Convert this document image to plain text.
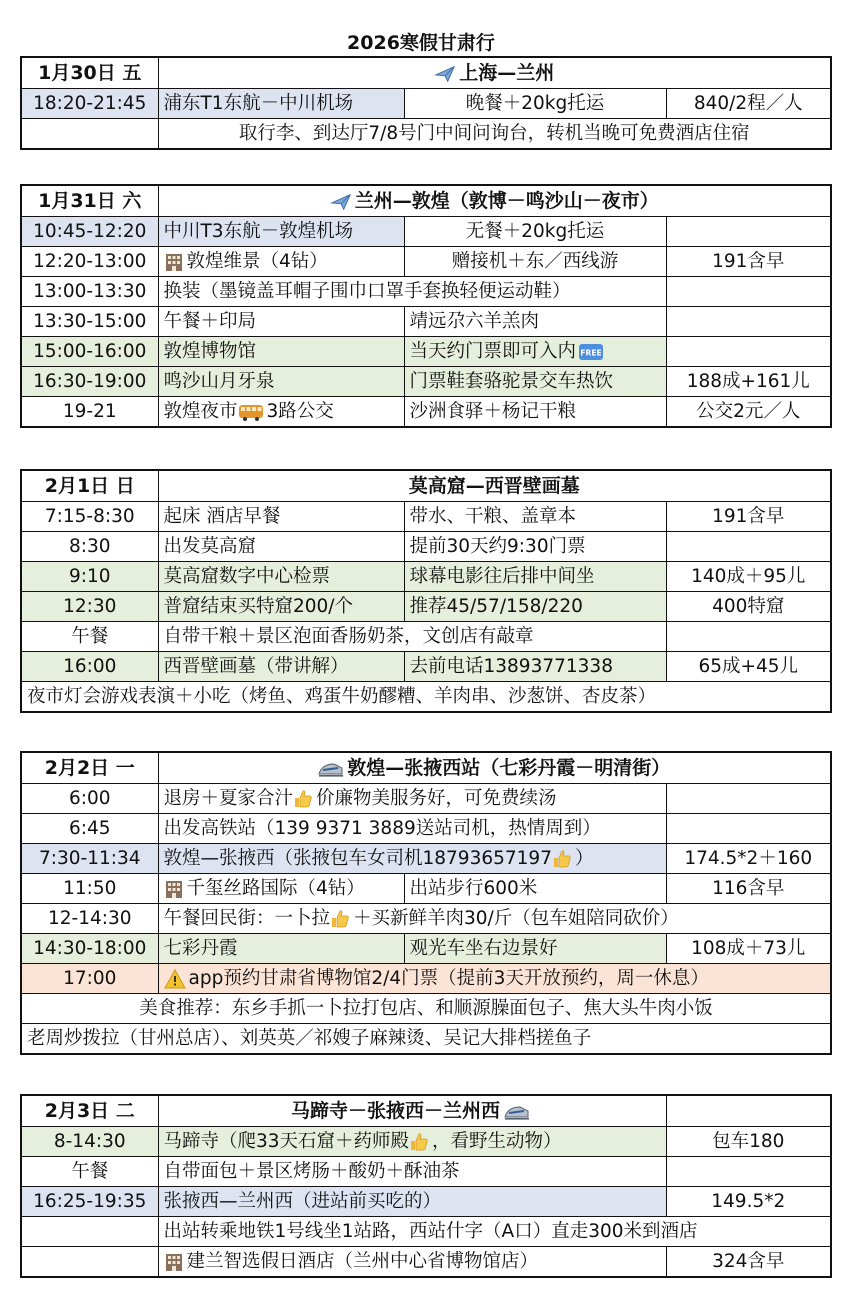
2026寒假甘肃行
1月30日 五	上海—兰州		
18:20-21:45	浦东T1东航－中川机场	晚餐＋20kg托运	840/2程／人
	取行李、到达厅7/8号门中间问询台，转机当晚可免费酒店住宿		
1月31日 六	兰州—敦煌（敦博－鸣沙山－夜市）		
10:45-12:20	中川T3东航－敦煌机场	无餐＋20kg托运	
12:20-13:00	敦煌维景（4钻）	赠接机＋东／西线游	191含早
13:00-13:30	换装（墨镜盖耳帽子围巾口罩手套换轻便运动鞋）		
13:30-15:00	午餐＋印局	靖远尕六羊羔肉	
15:00-16:00	敦煌博物馆	当天约门票即可入内 FREE	

16:30-19:00	鸣沙山月牙泉	门票鞋套骆驼景交车热饮	188成+161儿
19-21	敦煌夜市 3路公交	沙洲食驿＋杨记干粮	公交2元／人
2月1日 日	莫高窟—西晋壁画墓		
7:15-8:30	起床 酒店早餐	带水、干粮、盖章本	191含早
8:30	出发莫高窟	提前30天约9:30门票	
9:10	莫高窟数字中心检票	球幕电影往后排中间坐	140成＋95儿
12:30	普窟结束买特窟200/个	推荐45/57/158/220	400特窟
午餐	自带干粮＋景区泡面香肠奶茶，文创店有敲章		
16:00	西晋壁画墓（带讲解）	去前电话13893771338	65成+45儿
夜市灯会游戏表演＋小吃（烤鱼、鸡蛋牛奶醪糟、羊肉串、沙葱饼、杏皮茶）			
2月2日 一	敦煌—张掖西站（七彩丹霞－明清街）		
6:00	退房＋夏家合汁 价廉物美服务好，可免费续汤		
6:45	出发高铁站（139 9371 3889送站司机，热情周到）		
7:30-11:34	敦煌—张掖西（张掖包车女司机18793657197 ）		174.5*2＋160
11:50	千玺丝路国际（4钻）	出站步行600米	116含早
12-14:30	午餐回民街：一卜拉 ＋买新鲜羊肉30/斤（包车姐陪同砍价）		
14:30-18:00	七彩丹霞	观光车坐右边景好	108成＋73儿
17:00	app预约甘肃省博物馆2/4门票（提前3天开放预约，周一休息）		
美食推荐：东乡手抓一卜拉打包店、和顺源臊面包子、焦大头牛肉小饭			
老周炒拨拉（甘州总店）、刘英英／祁嫂子麻辣烫、吴记大排档搓鱼子			
2月3日 二	马蹄寺－张掖西－兰州西	
8-14:30	马蹄寺（爬33天石窟＋药师殿 ，看野生动物）	包车180
午餐	自带面包＋景区烤肠＋酸奶＋酥油茶	
16:25-19:35	张掖西—兰州西（进站前买吃的）	149.5*2
	出站转乘地铁1号线坐1站路，西站什字（A口）直走300米到酒店	
	建兰智选假日酒店（兰州中心省博物馆店）	324含早
